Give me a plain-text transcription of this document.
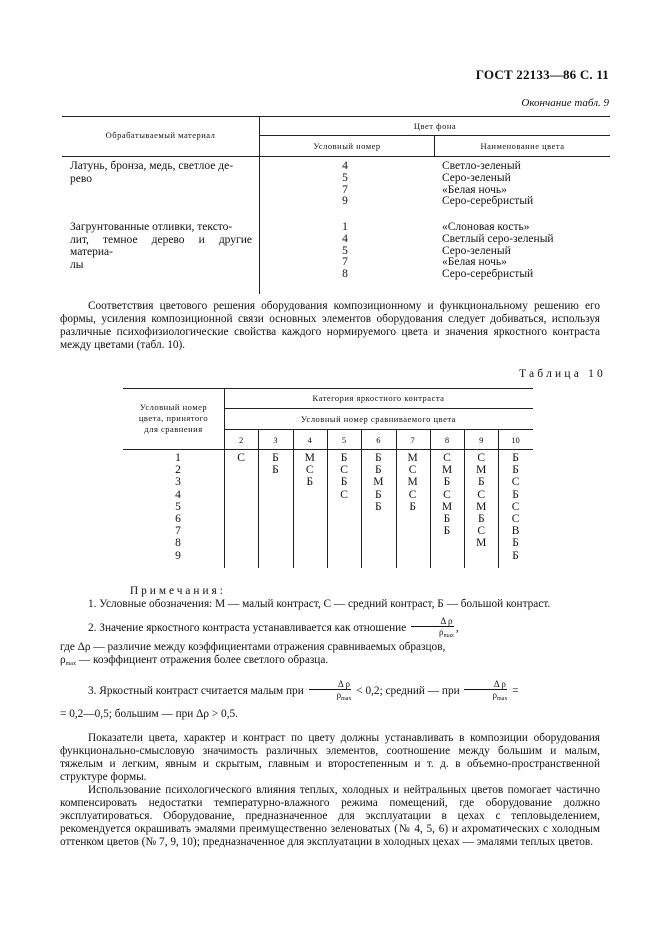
ГОСТ 22133—86 С. 11
Окончание табл. 9
Обрабатываемый материал
Цвет фона
Условный номер	Наименование цвета
Латунь, бронза, медь, светлое де-
рево
4
5
7
9
Светло-зеленый
Серо-зеленый
«Белая ночь»
Серо-серебристый
Загрунтованные отливки, тексто-
лит, темное дерево и другие материа-
лы
1
4
5
7
8
«Слоновая кость»
Светлый серо-зеленый
Серо-зеленый
«Белая ночь»
Серо-серебристый

Соответствия цветового решения оборудования композиционному и функциональному решению его формы, усиления композиционной связи основных элементов оборудования следует добиваться, используя различные психофизиологические свойства каждого нормируемого цвета и значения яркостного контраста между цветами (табл. 10).

Таблица 10
Условный номер
цвета, принятого
для сравнения
Категория яркостного контраста
Условный номер сравниваемого цвета
1
2
3
4
5
6
7
8
9
2
С
3
Б
Б
4
М
С
Б
5
Б
С
Б
С
6
Б
Б
М
Б
Б
7
М
С
М
С
Б
8
С
М
Б
С
М
Б
Б
9
С
М
Б
С
М
Б
С
М
10
Б
Б
С
Б
С
С
В
Б
Б

Примечания:

1. Условные обозначения: М — малый контраст, С — средний контраст, Б — большой контраст.

2. Значение яркостного контраста устанавливается как отношение $\frac{\text{Δ ρ}}{\rho_{max}}$ ,

где Δρ — различие между коэффициентами отражения сравниваемых образцов,
$\rho_{max}$ — коэффициент отражения более светлого образца.

3. Яркостный контраст считается малым при $\frac{\text{Δ ρ}}{\rho_{max}} < 0,2$; средний — при $\frac{\text{Δ ρ}}{\rho_{max}}$ =

= 0,2—0,5; большим — при Δρ > 0,5.

Показатели цвета, характер и контраст по цвету должны устанавливать в композиции оборудования функционально-смысловую значимость различных элементов, соотношение между большим и малым, тяжелым и легким, явным и скрытым, главным и второстепенным и т. д. в объемно-пространственной структуре формы.

Использование психологического влияния теплых, холодных и нейтральных цветов помогает частично компенсировать недостатки температурно-влажного режима помещений, где оборудование должно эксплуатироваться. Оборудование, предназначенное для эксплуатации в цехах с тепловыделением, рекомендуется окрашивать эмалями преимущественно зеленоватых (№ 4, 5, 6) и ахроматических с холодным оттенком цветов (№ 7, 9, 10); предназначенное для эксплуатации в холодных цехах — эмалями теплых цветов.
